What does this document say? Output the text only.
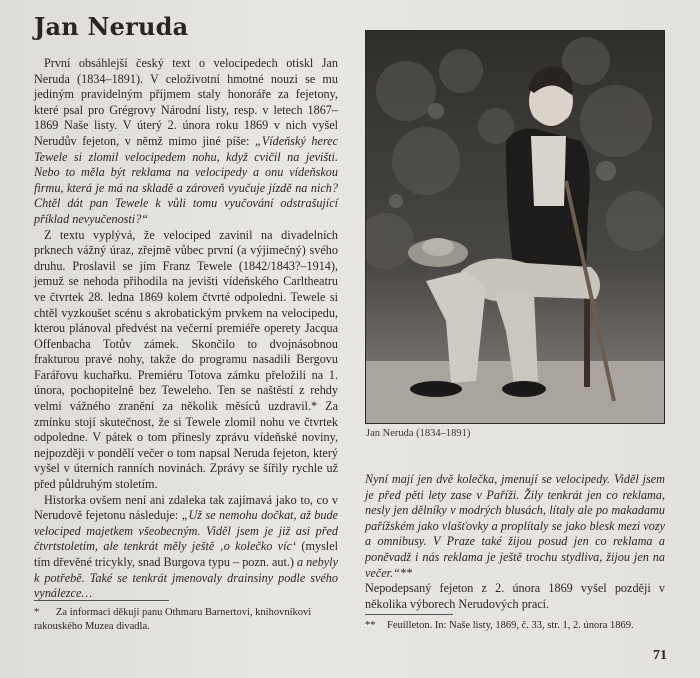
Jan Neruda

První obsáhlejší český text o velocipedech otiskl Jan Neruda (1834–1891). V celoživotní hmotné nouzi se mu jediným pravidelným příjmem staly honoráře za fejetony, které psal pro Grégrovy Národní listy, resp. v letech 1867–1869 Naše listy. V úterý 2. února roku 1869 v nich vyšel Nerudův fejeton, v němž mimo jiné píše: „Vídeňský herec Tewele si zlomil velocipedem nohu, když cvičil na jevišti. Nebo to měla být reklama na velocipedy a onu vídeňskou firmu, která je má na skladě a zároveň vyučuje jízdě na nich? Chtěl dát pan Tewele k vůli tomu vyučování odstrašující příklad nevyučenosti?“

Z textu vyplývá, že velociped zavinil na divadelních prknech vážný úraz, zřejmě vůbec první (a výjimečný) svého druhu. Proslavil se jím Franz Tewele (1842/1843?–1914), jemuž se nehoda přihodila na jevišti vídeňského Carltheatru ve čtvrtek 28. ledna 1869 kolem čtvrté odpoledni. Tewele si chtěl vyzkoušet scénu s akrobatickým prvkem na velocipedu, kterou plánoval předvést na večerní premiéře operety Jacqua Offenbacha Totův zámek. Skončilo to dvojnásobnou frakturou pravé nohy, takže do programu nasadili Bergovu Farářovu kuchařku. Premiéru Totova zámku přeložili na 1. února, pochopitelně bez Teweleho. Ten se naštěstí z rehdy velmi vážného zranění za několik měsíců uzdravil.* Za zmínku stojí skutečnost, že si Tewele zlomil nohu ve čtvrtek odpoledne. V pátek o tom přinesly zprávu vídeňské noviny, nejpozději v pondělí večer o tom napsal Neruda fejeton, který vyšel v úterních ranních novinách. Zprávy se šířily rychle už před půldruhým stoletím.

Historka ovšem není ani zdaleka tak zajímavá jako to, co v Nerudově fejetonu následuje: „Už se nemohu dočkat, až bude velociped majetkem všeobecným. Viděl jsem je již asi před čtvrtstoletím, ale tenkrát měly ještě ‚o kolečko víc‘ (myslel tím dřevěné tricykly, snad Burgova typu – pozn. aut.) a nebyly k potřebě. Také se tenkrát jmenovaly drainsiny podle svého vynálezce…

Jan Neruda (1834–1891)

Nyní mají jen dvě kolečka, jmenují se velocipedy. Viděl jsem je před pěti lety zase v Paříži. Žily tenkrát jen co reklama, nesly jen dělníky v modrých blusách, lítaly ale po makadamu pařížském jako vlašťovky a proplítaly se jako blesk mezi vozy a omnibusy. V Praze také žijou posud jen co reklama a poněvadž i nás reklama je ještě trochu stydliva, žijou jen na večer.“**

Nepodepsaný fejeton z 2. února 1869 vyšel později v několika výborech Nerudových prací.

* Za informaci děkuji panu Othmaru Barnertovi, knihovníkovi rakouského Muzea divadla.	** Feuilleton. In: Naše listy, 1869, č. 33, str. 1, 2. února 1869.
71
